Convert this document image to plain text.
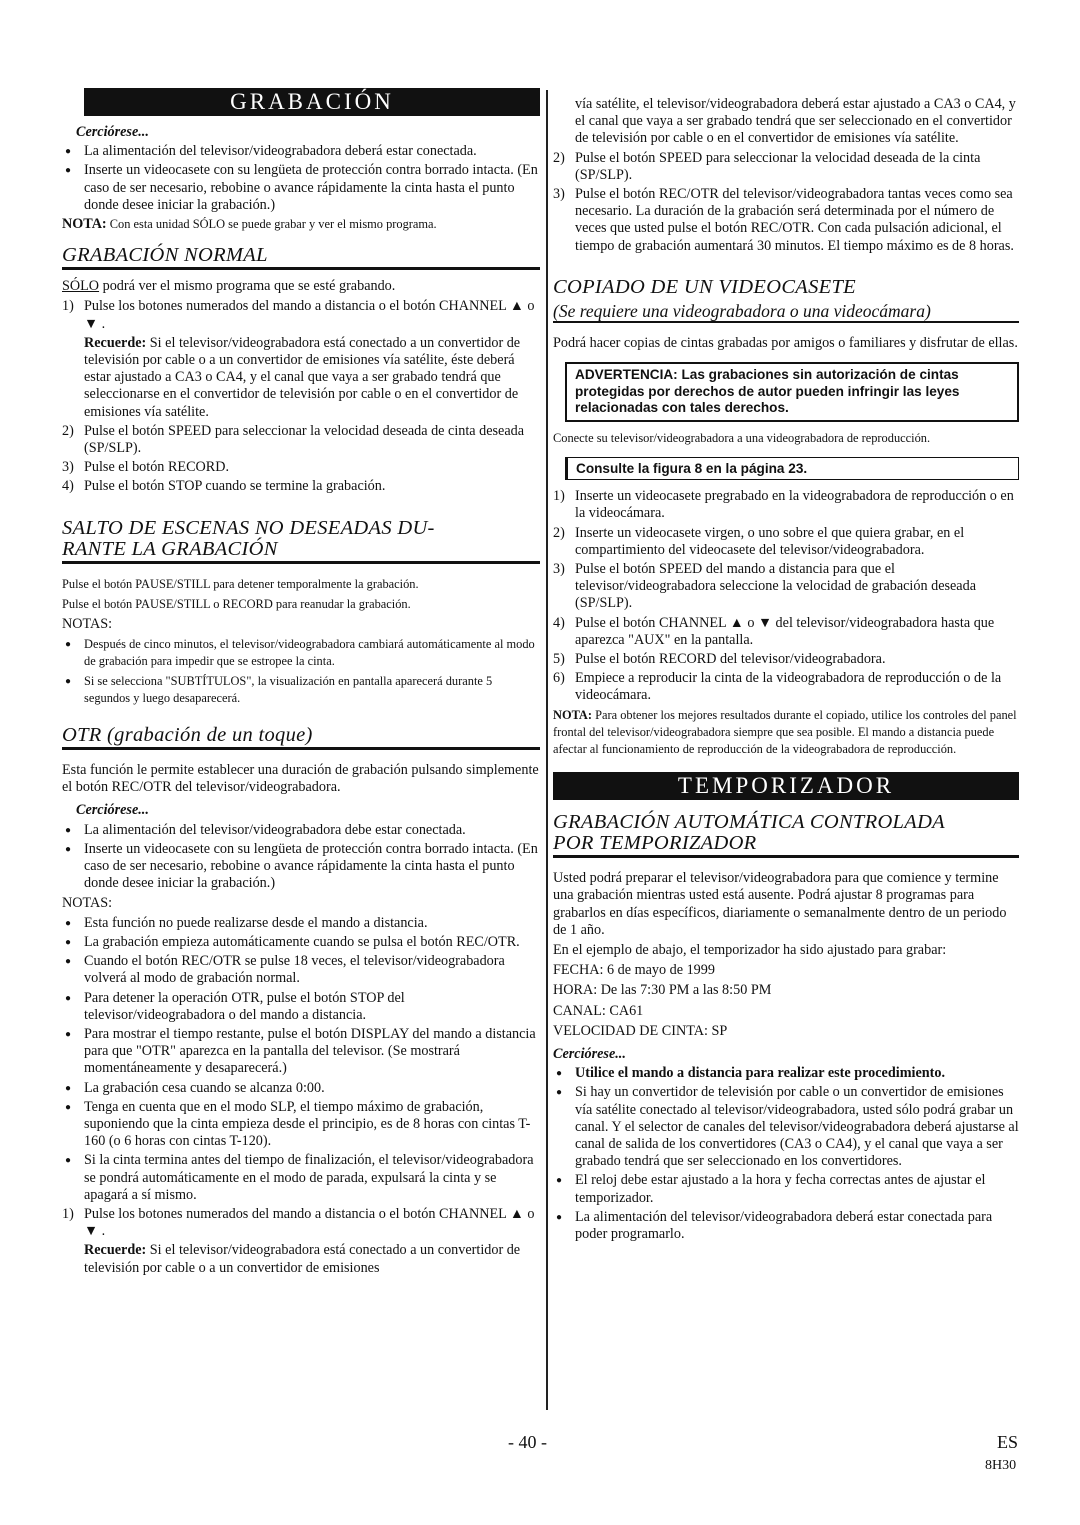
GRABACIÓN
Cerciórese...
● La alimentación del televisor/videograbadora deberá estar conectada.
● Inserte un videocasete con su lengüeta de protección contra borrado intacta. (En caso de ser necesario, rebobine o avance rápidamente la cinta hasta el punto donde desee iniciar la grabación.)

NOTA: Con esta unidad SÓLO se puede grabar y ver el mismo programa.

GRABACIÓN NORMAL

SÓLO podrá ver el mismo programa que se esté grabando.

1) Pulse los botones numerados del mando a distancia o el botón CHANNEL ▲ o ▼ .
Recuerde: Si el televisor/videograbadora está conectado a un convertidor de televisión por cable o a un convertidor de emisiones vía satélite, éste deberá estar ajustado a CA3 o CA4, y el canal que vaya a ser grabado tendrá que seleccionarse en el convertidor de televisión por cable o en el convertidor de emisiones vía satélite.
2) Pulse el botón SPEED para seleccionar la velocidad deseada de cinta deseada (SP/SLP).
3) Pulse el botón RECORD.
4) Pulse el botón STOP cuando se termine la grabación.
SALTO DE ESCENAS NO DESEADAS DU-
RANTE LA GRABACIÓN

Pulse el botón PAUSE/STILL para detener temporalmente la grabación.

Pulse el botón PAUSE/STILL o RECORD para reanudar la grabación.

NOTAS:

● Después de cinco minutos, el televisor/videograbadora cambiará automáticamente al modo de grabación para impedir que se estropee la cinta.
● Si se selecciona "SUBTÍTULOS", la visualización en pantalla aparecerá durante 5 segundos y luego desaparecerá.
OTR (grabación de un toque)

Esta función le permite establecer una duración de grabación pulsando simplemente el botón REC/OTR del televisor/videograbadora.

Cerciórese...
● La alimentación del televisor/videograbadora debe estar conectada.
● Inserte un videocasete con su lengüeta de protección contra borrado intacta. (En caso de ser necesario, rebobine o avance rápidamente la cinta hasta el punto donde desee iniciar la grabación.)

NOTAS:

● Esta función no puede realizarse desde el mando a distancia.
● La grabación empieza automáticamente cuando se pulsa el botón REC/OTR.
● Cuando el botón REC/OTR se pulse 18 veces, el televisor/videograbadora volverá al modo de grabación normal.
● Para detener la operación OTR, pulse el botón STOP del televisor/videograbadora o del mando a distancia.
● Para mostrar el tiempo restante, pulse el botón DISPLAY del mando a distancia para que "OTR" aparezca en la pantalla del televisor. (Se mostrará momentáneamente y desaparecerá.)
● La grabación cesa cuando se alcanza 0:00.
● Tenga en cuenta que en el modo SLP, el tiempo máximo de grabación, suponiendo que la cinta empieza desde el principio, es de 8 horas con cintas T-160 (o 6 horas con cintas T-120).
● Si la cinta termina antes del tiempo de finalización, el televisor/videograbadora se pondrá automáticamente en el modo de parada, expulsará la cinta y se apagará a sí mismo.
1) Pulse los botones numerados del mando a distancia o el botón CHANNEL ▲ o ▼ .
Recuerde: Si el televisor/videograbadora está conectado a un convertidor de televisión por cable o a un convertidor de emisiones
vía satélite, el televisor/videograbadora deberá estar ajustado a CA3 o CA4, y el canal que vaya a ser grabado tendrá que ser seleccionado en el convertidor de televisión por cable o en el convertidor de emisiones vía satélite.
2) Pulse el botón SPEED para seleccionar la velocidad deseada de la cinta (SP/SLP).
3) Pulse el botón REC/OTR del televisor/videograbadora tantas veces como sea necesario. La duración de la grabación será determinada por el número de veces que usted pulse el botón REC/OTR. Con cada pulsación adicional, el tiempo de grabación aumentará 30 minutos. El tiempo máximo es de 8 horas.
COPIADO DE UN VIDEOCASETE
(Se requiere una videograbadora o una videocámara)

Podrá hacer copias de cintas grabadas por amigos o familiares y disfrutar de ellas.

ADVERTENCIA: Las grabaciones sin autorización de cintas protegidas por derechos de autor pueden infringir las leyes relacionadas con tales derechos.

Conecte su televisor/videograbadora a una videograbadora de reproducción.

Consulte la figura 8 en la página 23.
1) Inserte un videocasete pregrabado en la videograbadora de reproducción o en la videocámara.
2) Inserte un videocasete virgen, o uno sobre el que quiera grabar, en el compartimiento del videocasete del televisor/videograbadora.
3) Pulse el botón SPEED del mando a distancia para que el televisor/videograbadora seleccione la velocidad de grabación deseada (SP/SLP).
4) Pulse el botón CHANNEL ▲ o ▼ del televisor/videograbadora hasta que aparezca "AUX" en la pantalla.
5) Pulse el botón RECORD del televisor/videograbadora.
6) Empiece a reproducir la cinta de la videograbadora de reproducción o de la videocámara.

NOTA: Para obtener los mejores resultados durante el copiado, utilice los controles del panel frontal del televisor/videograbadora siempre que sea posible. El mando a distancia puede afectar al funcionamiento de reproducción de la videograbadora de reproducción.

TEMPORIZADOR
GRABACIÓN AUTOMÁTICA CONTROLADA
POR TEMPORIZADOR

Usted podrá preparar el televisor/videograbadora para que comience y termine una grabación mientras usted está ausente. Podrá ajustar 8 programas para grabarlos en días específicos, diariamente o semanalmente dentro de un periodo de 1 año.

En el ejemplo de abajo, el temporizador ha sido ajustado para grabar:

FECHA: 6 de mayo de 1999

HORA: De las 7:30 PM a las 8:50 PM

CANAL: CA61

VELOCIDAD DE CINTA: SP

Cerciórese...
● Utilice el mando a distancia para realizar este procedimiento.
● Si hay un convertidor de televisión por cable o un convertidor de emisiones vía satélite conectado al televisor/videograbadora, usted sólo podrá grabar un canal. Y el selector de canales del televisor/videograbadora deberá ajustarse al canal de salida de los convertidores (CA3 o CA4), y el canal que vaya a ser grabado tendrá que ser seleccionado en los convertidores.
● El reloj debe estar ajustado a la hora y fecha correctas antes de ajustar el temporizador.
● La alimentación del televisor/videograbadora deberá estar conectada para poder programarlo.
- 40 -	ES
8H30
